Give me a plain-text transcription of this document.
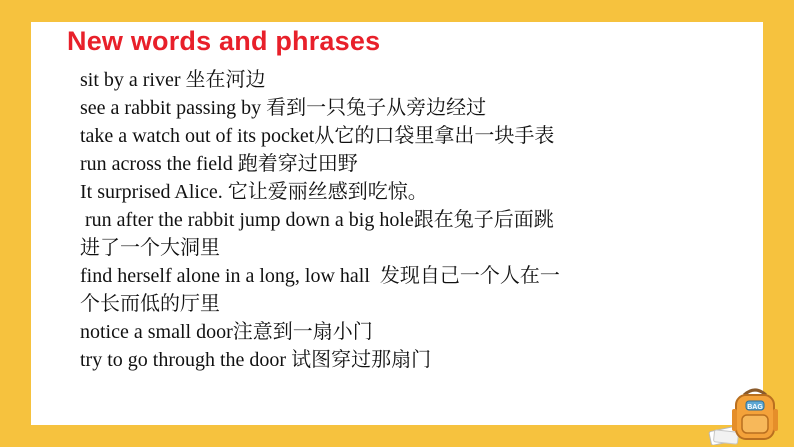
New words and phrases
sit by a river 坐在河边
see a rabbit passing by 看到一只兔子从旁边经过
take a watch out of its pocket从它的口袋里拿出一块手表
run across the field 跑着穿过田野
It surprised Alice. 它让爱丽丝感到吃惊。
run after the rabbit jump down a big hole跟在兔子后面跳
进了一个大洞里
find herself alone in a long, low hall  发现自己一个人在一
个长而低的厅里
notice a small door注意到一扇小门
try to go through the door 试图穿过那扇门
BAG
